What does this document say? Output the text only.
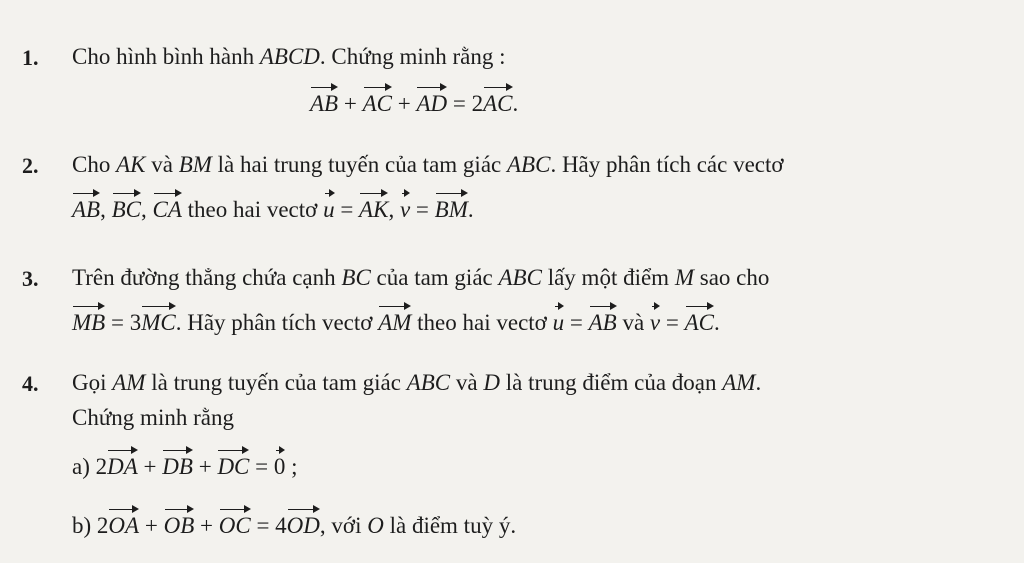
1. Cho hình bình hành ABCD. Chứng minh rằng :
AB + AC + AD = 2
AC.
2. Cho AK và BM là hai trung tuyến của tam giác ABC. Hãy phân tích các vectơ
AB, BC, CA theo hai vectơ
u = AK, v = BM.
3. Trên đường thẳng chứa cạnh BC của tam giác ABC lấy một điểm M sao cho
MB = 3
MC. Hãy phân tích vectơ
AM theo hai vectơ
u = AB và
v = AC.
4. Gọi AM là trung tuyến của tam giác ABC và D là trung điểm của đoạn AM.
Chứng minh rằng
a) 2
DA + DB + DC = 0 ;
b) 2
OA + OB + OC = 4
OD, với O là điểm tuỳ ý.
